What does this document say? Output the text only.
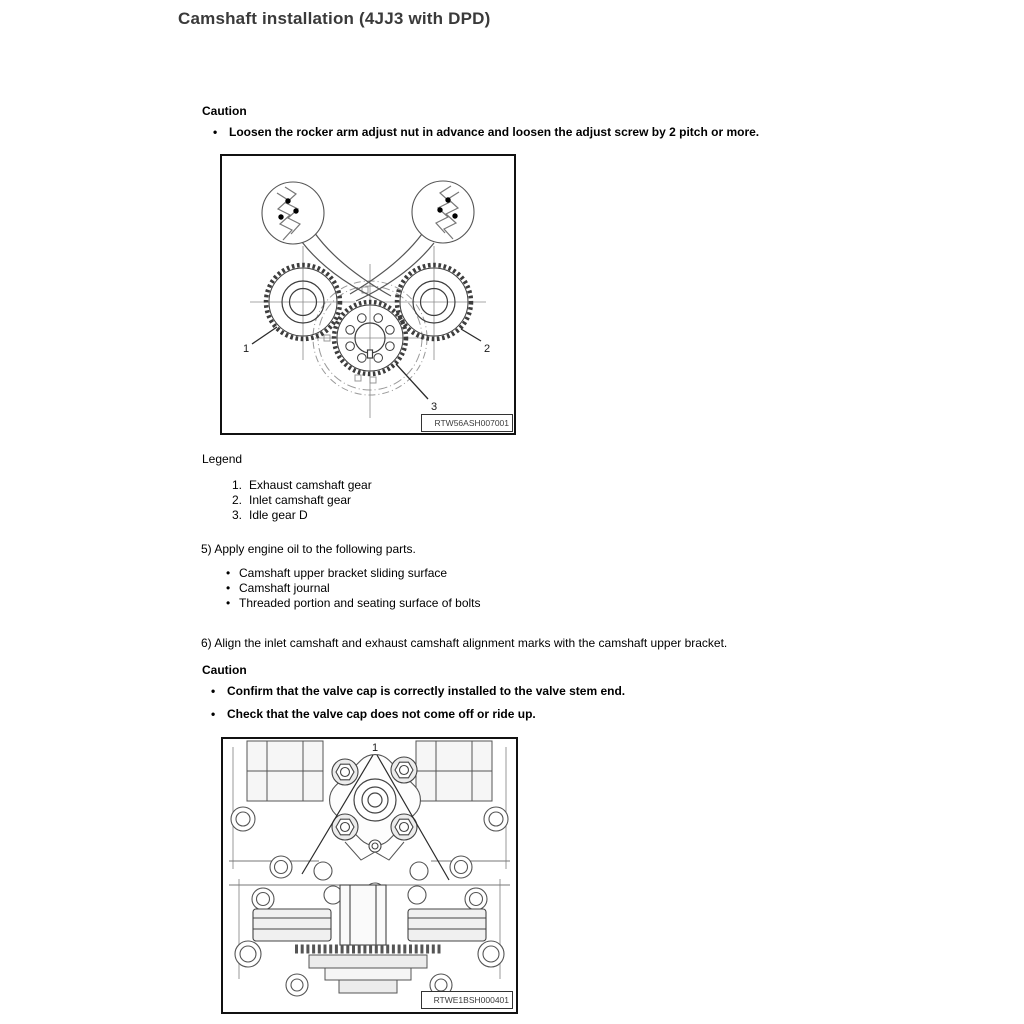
Camshaft installation (4JJ3 with DPD)
Caution
•
Loosen the rocker arm adjust nut in advance and loosen the adjust screw by 2 pitch or more.
1	2
3
RTW56ASH007001
Legend
1. Exhaust camshaft gear
2. Inlet camshaft gear
3. Idle gear D
5) Apply engine oil to the following parts.
•
Camshaft upper bracket sliding surface
•
Camshaft journal
•
Threaded portion and seating surface of bolts
6) Align the inlet camshaft and exhaust camshaft alignment marks with the camshaft upper bracket.
Caution
•
Confirm that the valve cap is correctly installed to the valve stem end.
•
Check that the valve cap does not come off or ride up.
1
RTWE1BSH000401
